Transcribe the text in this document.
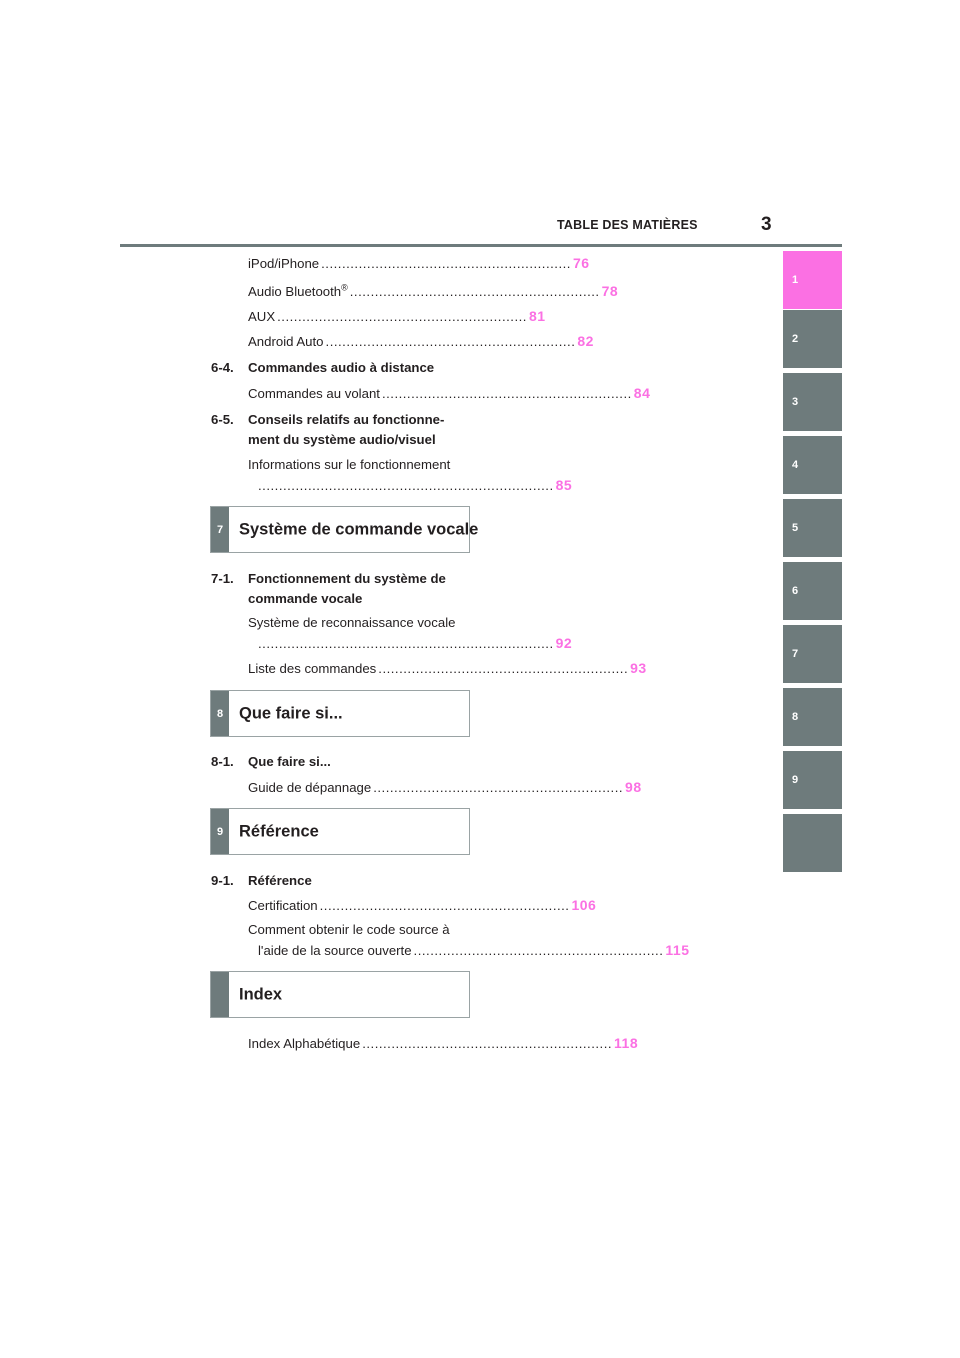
TABLE DES MATIÈRES	3
1
2
3
4
5
6
7
8
9
iPod/iPhone ............................................................ 76
Audio Bluetooth® ............................................................ 78
AUX ............................................................ 81
Android Auto ............................................................ 82
6-4. Commandes audio à distance
Commandes au volant ............................................................ 84
6-5. Conseils relatifs au fonctionne-
ment du système audio/visuel
Informations sur le fonctionnement
....................................................................... 85
7 Système de commande vocale
7-1. Fonctionnement du système de
commande vocale
Système de reconnaissance vocale
....................................................................... 92
Liste des commandes ............................................................ 93
8 Que faire si...
8-1. Que faire si...
Guide de dépannage ............................................................ 98
9 Référence
9-1. Référence
Certification ............................................................ 106
Comment obtenir le code source à
l'aide de la source ouverte ............................................................ 115
Index
Index Alphabétique ............................................................ 118
